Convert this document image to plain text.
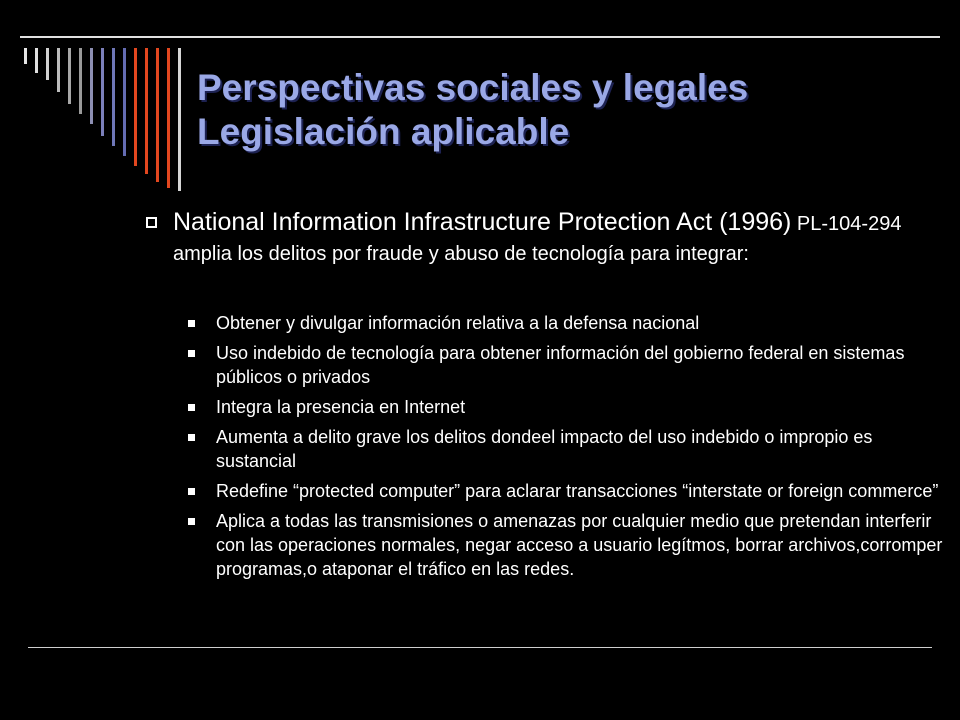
Perspectivas sociales y legales
Legislación aplicable
National Information Infrastructure Protection Act (1996) PL-104-294 amplia los delitos por fraude y abuso de tecnología para integrar:
Obtener y divulgar información relativa a la defensa nacional
Uso indebido de tecnología para obtener información del gobierno federal en sistemas públicos o privados
Integra la presencia en Internet
Aumenta a delito grave los delitos dondeel impacto del uso indebido o impropio es sustancial
Redefine “protected computer” para aclarar transacciones “interstate or foreign commerce”
Aplica a todas las transmisiones o amenazas por cualquier medio que pretendan interferir con las operaciones normales, negar acceso a usuario legítmos, borrar archivos,corromper programas,o ataponar el tráfico en las redes.
